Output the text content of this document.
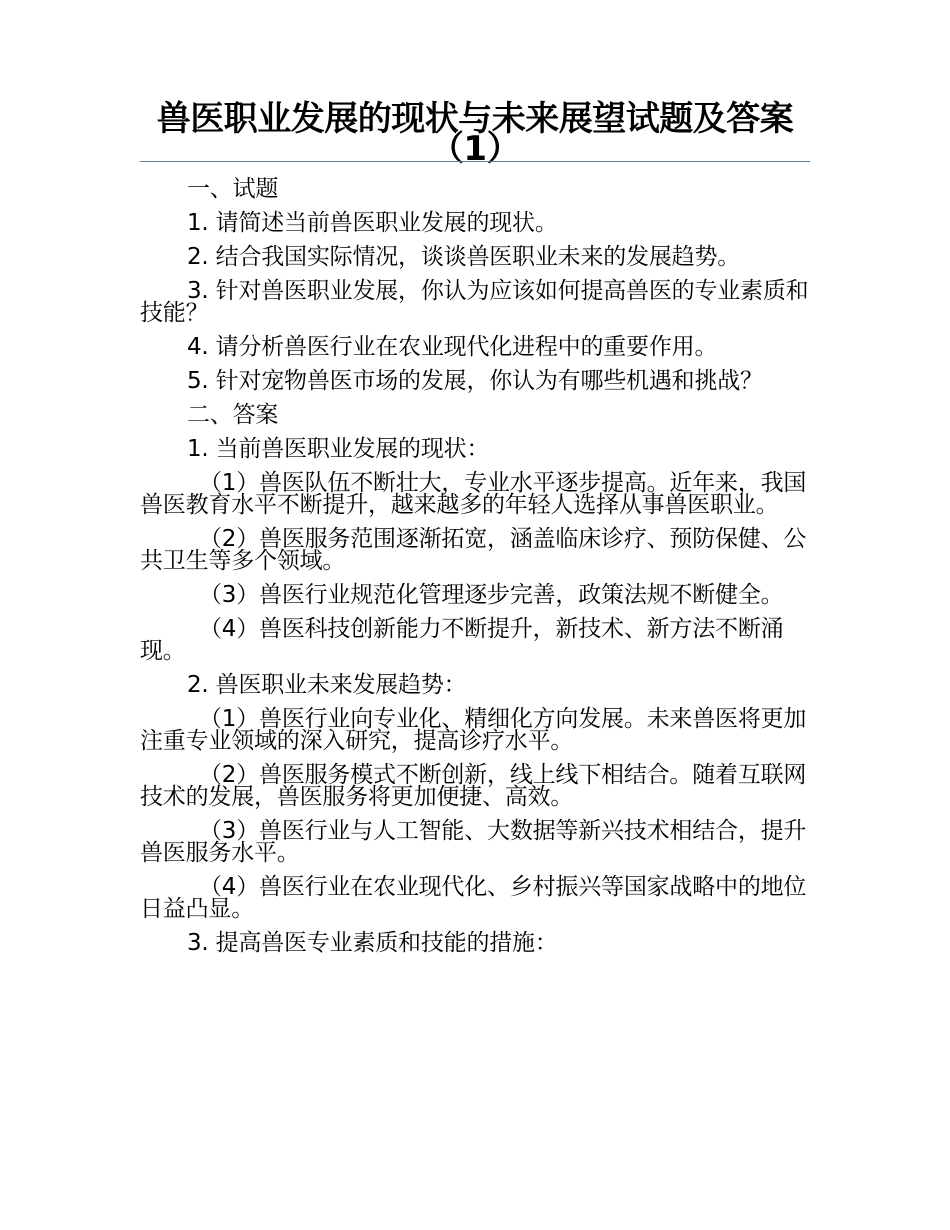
兽医职业发展的现状与未来展望试题及答案（1）

一、试题

1. 请简述当前兽医职业发展的现状。

2. 结合我国实际情况，谈谈兽医职业未来的发展趋势。

3. 针对兽医职业发展，你认为应该如何提高兽医的专业素质和技能？

4. 请分析兽医行业在农业现代化进程中的重要作用。

5. 针对宠物兽医市场的发展，你认为有哪些机遇和挑战？

二、答案

1. 当前兽医职业发展的现状：

（1）兽医队伍不断壮大，专业水平逐步提高。近年来，我国兽医教育水平不断提升，越来越多的年轻人选择从事兽医职业。

（2）兽医服务范围逐渐拓宽，涵盖临床诊疗、预防保健、公共卫生等多个领域。

（3）兽医行业规范化管理逐步完善，政策法规不断健全。

（4）兽医科技创新能力不断提升，新技术、新方法不断涌现。

2. 兽医职业未来发展趋势：

（1）兽医行业向专业化、精细化方向发展。未来兽医将更加注重专业领域的深入研究，提高诊疗水平。

（2）兽医服务模式不断创新，线上线下相结合。随着互联网技术的发展，兽医服务将更加便捷、高效。

（3）兽医行业与人工智能、大数据等新兴技术相结合，提升兽医服务水平。

（4）兽医行业在农业现代化、乡村振兴等国家战略中的地位日益凸显。

3. 提高兽医专业素质和技能的措施：
